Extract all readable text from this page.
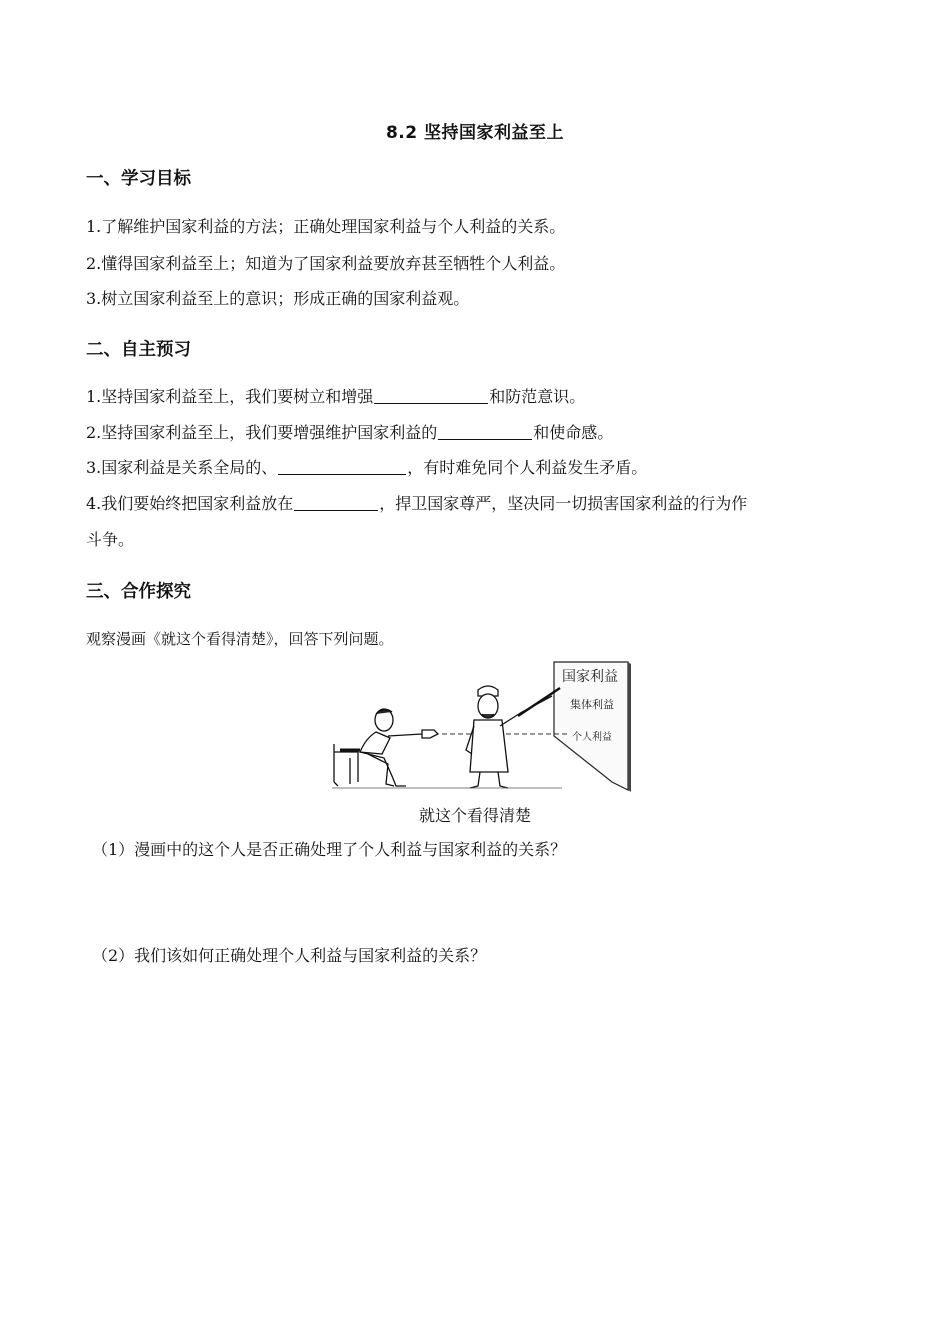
8.2 坚持国家利益至上
一、学习目标
1.了解维护国家利益的方法；正确处理国家利益与个人利益的关系。
2.懂得国家利益至上；知道为了国家利益要放弃甚至牺牲个人利益。
3.树立国家利益至上的意识；形成正确的国家利益观。
二、自主预习
1.坚持国家利益至上，我们要树立和增强	和防范意识。
2.坚持国家利益至上，我们要增强维护国家利益的	和使命感。
3.国家利益是关系全局的、	，有时难免同个人利益发生矛盾。
4.我们要始终把国家利益放在	，捍卫国家尊严，坚决同一切损害国家利益的行为作
斗争。
三、合作探究
观察漫画《就这个看得清楚》，回答下列问题。
国家利益
集体利益
个人利益
就这个看得清楚
（1）漫画中的这个人是否正确处理了个人利益与国家利益的关系？
（2）我们该如何正确处理个人利益与国家利益的关系？
